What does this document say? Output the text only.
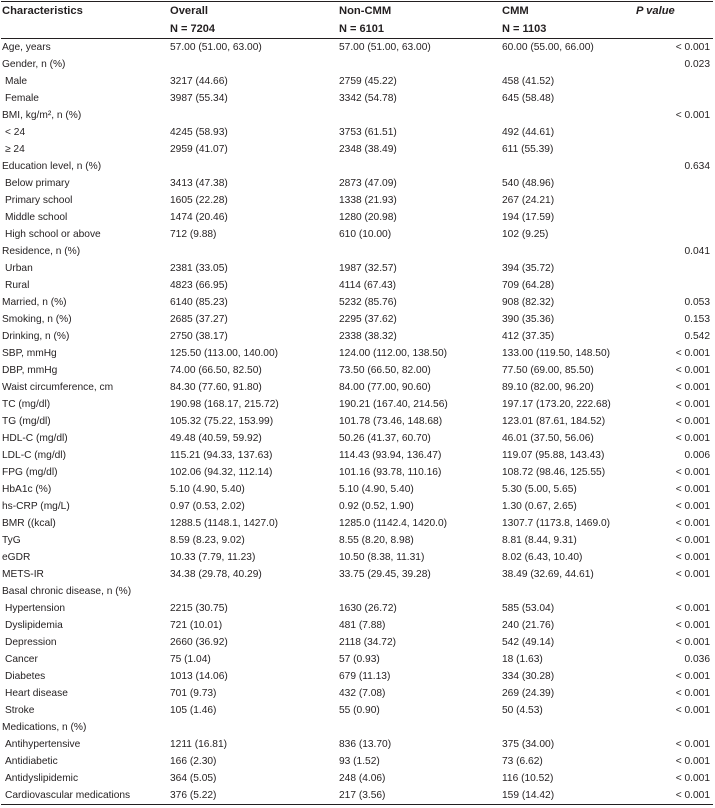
Characteristics	Overall	Non-CMM	CMM	P value
	N = 7204	N = 6101	N = 1103	
Age, years	57.00 (51.00, 63.00)	57.00 (51.00, 63.00)	60.00 (55.00, 66.00)	< 0.001
Gender, n (%)				0.023
Male	3217 (44.66)	2759 (45.22)	458 (41.52)	
Female	3987 (55.34)	3342 (54.78)	645 (58.48)	
BMI, kg/m², n (%)				< 0.001
< 24	4245 (58.93)	3753 (61.51)	492 (44.61)	
≥ 24	2959 (41.07)	2348 (38.49)	611 (55.39)	
Education level, n (%)				0.634
Below primary	3413 (47.38)	2873 (47.09)	540 (48.96)	
Primary school	1605 (22.28)	1338 (21.93)	267 (24.21)	
Middle school	1474 (20.46)	1280 (20.98)	194 (17.59)	
High school or above	712 (9.88)	610 (10.00)	102 (9.25)	
Residence, n (%)				0.041
Urban	2381 (33.05)	1987 (32.57)	394 (35.72)	
Rural	4823 (66.95)	4114 (67.43)	709 (64.28)	
Married, n (%)	6140 (85.23)	5232 (85.76)	908 (82.32)	0.053
Smoking, n (%)	2685 (37.27)	2295 (37.62)	390 (35.36)	0.153
Drinking, n (%)	2750 (38.17)	2338 (38.32)	412 (37.35)	0.542
SBP, mmHg	125.50 (113.00, 140.00)	124.00 (112.00, 138.50)	133.00 (119.50, 148.50)	< 0.001
DBP, mmHg	74.00 (66.50, 82.50)	73.50 (66.50, 82.00)	77.50 (69.00, 85.50)	< 0.001
Waist circumference, cm	84.30 (77.60, 91.80)	84.00 (77.00, 90.60)	89.10 (82.00, 96.20)	< 0.001
TC (mg/dl)	190.98 (168.17, 215.72)	190.21 (167.40, 214.56)	197.17 (173.20, 222.68)	< 0.001
TG (mg/dl)	105.32 (75.22, 153.99)	101.78 (73.46, 148.68)	123.01 (87.61, 184.52)	< 0.001
HDL-C (mg/dl)	49.48 (40.59, 59.92)	50.26 (41.37, 60.70)	46.01 (37.50, 56.06)	< 0.001
LDL-C (mg/dl)	115.21 (94.33, 137.63)	114.43 (93.94, 136.47)	119.07 (95.88, 143.43)	0.006
FPG (mg/dl)	102.06 (94.32, 112.14)	101.16 (93.78, 110.16)	108.72 (98.46, 125.55)	< 0.001
HbA1c (%)	5.10 (4.90, 5.40)	5.10 (4.90, 5.40)	5.30 (5.00, 5.65)	< 0.001
hs-CRP (mg/L)	0.97 (0.53, 2.02)	0.92 (0.52, 1.90)	1.30 (0.67, 2.65)	< 0.001
BMR ((kcal)	1288.5 (1148.1, 1427.0)	1285.0 (1142.4, 1420.0)	1307.7 (1173.8, 1469.0)	< 0.001
TyG	8.59 (8.23, 9.02)	8.55 (8.20, 8.98)	8.81 (8.44, 9.31)	< 0.001
eGDR	10.33 (7.79, 11.23)	10.50 (8.38, 11.31)	8.02 (6.43, 10.40)	< 0.001
METS-IR	34.38 (29.78, 40.29)	33.75 (29.45, 39.28)	38.49 (32.69, 44.61)	< 0.001
Basal chronic disease, n (%)				
Hypertension	2215 (30.75)	1630 (26.72)	585 (53.04)	< 0.001
Dyslipidemia	721 (10.01)	481 (7.88)	240 (21.76)	< 0.001
Depression	2660 (36.92)	2118 (34.72)	542 (49.14)	< 0.001
Cancer	75 (1.04)	57 (0.93)	18 (1.63)	0.036
Diabetes	1013 (14.06)	679 (11.13)	334 (30.28)	< 0.001
Heart disease	701 (9.73)	432 (7.08)	269 (24.39)	< 0.001
Stroke	105 (1.46)	55 (0.90)	50 (4.53)	< 0.001
Medications, n (%)				
Antihypertensive	1211 (16.81)	836 (13.70)	375 (34.00)	< 0.001
Antidiabetic	166 (2.30)	93 (1.52)	73 (6.62)	< 0.001
Antidyslipidemic	364 (5.05)	248 (4.06)	116 (10.52)	< 0.001
Cardiovascular medications	376 (5.22)	217 (3.56)	159 (14.42)	< 0.001
